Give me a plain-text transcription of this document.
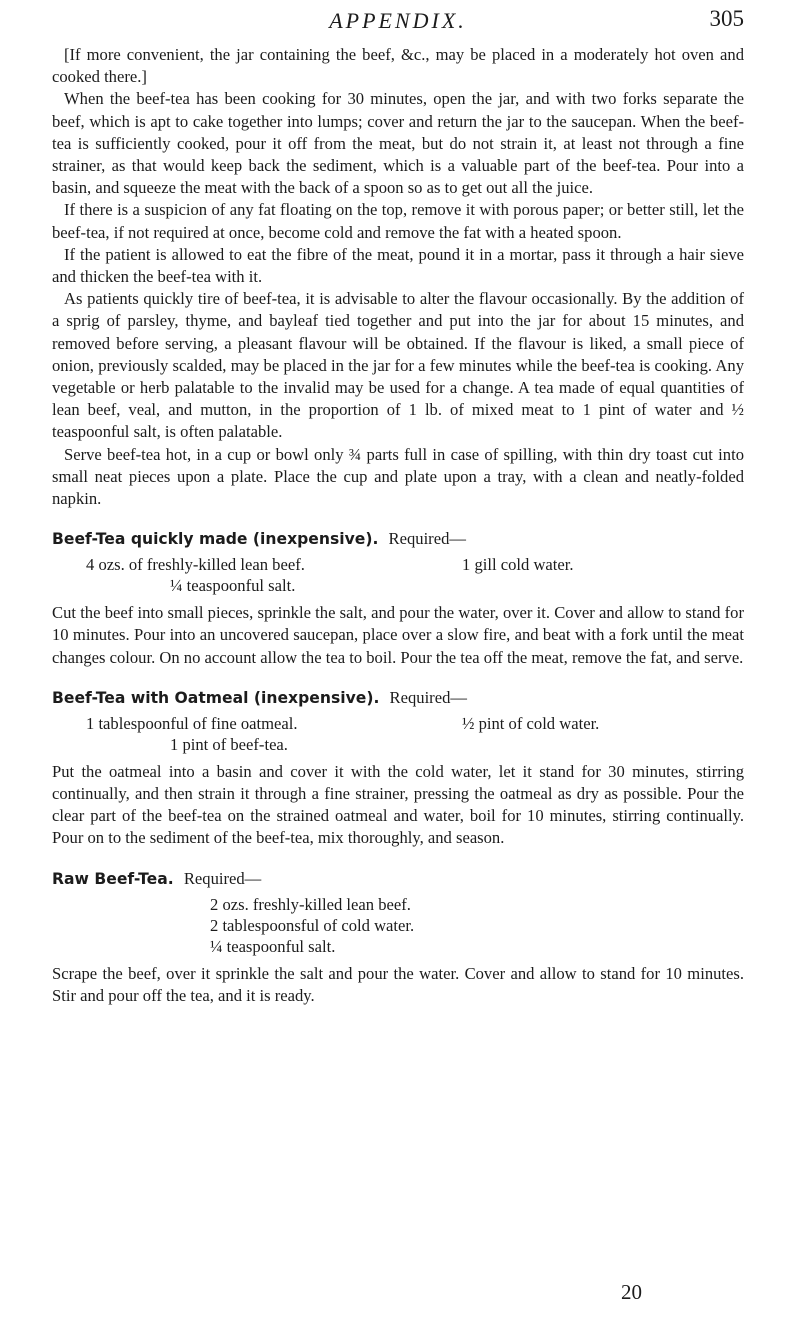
APPENDIX.	305

[If more convenient, the jar containing the beef, &c., may be placed in a moderately hot oven and cooked there.]

When the beef-tea has been cooking for 30 minutes, open the jar, and with two forks separate the beef, which is apt to cake together into lumps; cover and return the jar to the saucepan. When the beef-tea is sufficiently cooked, pour it off from the meat, but do not strain it, at least not through a fine strainer, as that would keep back the sediment, which is a valuable part of the beef-tea. Pour into a basin, and squeeze the meat with the back of a spoon so as to get out all the juice.

If there is a suspicion of any fat floating on the top, remove it with porous paper; or better still, let the beef-tea, if not required at once, become cold and remove the fat with a heated spoon.

If the patient is allowed to eat the fibre of the meat, pound it in a mortar, pass it through a hair sieve and thicken the beef-tea with it.

As patients quickly tire of beef-tea, it is advisable to alter the flavour occasionally. By the addition of a sprig of parsley, thyme, and bayleaf tied together and put into the jar for about 15 minutes, and removed before serving, a pleasant flavour will be obtained. If the flavour is liked, a small piece of onion, previously scalded, may be placed in the jar for a few minutes while the beef-tea is cooking. Any vegetable or herb palatable to the invalid may be used for a change. A tea made of equal quantities of lean beef, veal, and mutton, in the proportion of 1 lb. of mixed meat to 1 pint of water and ½ teaspoonful salt, is often palatable.

Serve beef-tea hot, in a cup or bowl only ¾ parts full in case of spilling, with thin dry toast cut into small neat pieces upon a plate. Place the cup and plate upon a tray, with a clean and neatly-folded napkin.

Beef-Tea quickly made (inexpensive). Required—
4 ozs. of freshly-killed lean beef.	1 gill cold water.
¼ teaspoonful salt.

Cut the beef into small pieces, sprinkle the salt, and pour the water, over it. Cover and allow to stand for 10 minutes. Pour into an uncovered saucepan, place over a slow fire, and beat with a fork until the meat changes colour. On no account allow the tea to boil. Pour the tea off the meat, remove the fat, and serve.

Beef-Tea with Oatmeal (inexpensive). Required—
1 tablespoonful of fine oatmeal.	½ pint of cold water.
1 pint of beef-tea.

Put the oatmeal into a basin and cover it with the cold water, let it stand for 30 minutes, stirring continually, and then strain it through a fine strainer, pressing the oatmeal as dry as possible. Pour the clear part of the beef-tea on the strained oatmeal and water, boil for 10 minutes, stirring continually. Pour on to the sediment of the beef-tea, mix thoroughly, and season.

Raw Beef-Tea. Required—
2 ozs. freshly-killed lean beef.
2 tablespoonsful of cold water.
¼ teaspoonful salt.

Scrape the beef, over it sprinkle the salt and pour the water. Cover and allow to stand for 10 minutes. Stir and pour off the tea, and it is ready.

20
